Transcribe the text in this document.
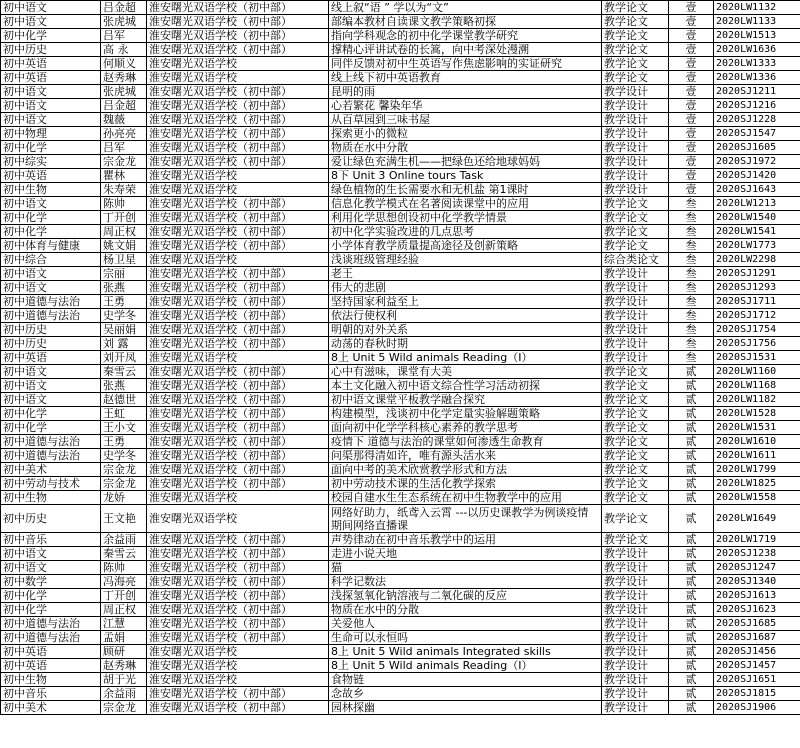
初中语文	吕金超	淮安曙光双语学校（初中部）	线上叙“语 ” 学以为“文”	教学论文	壹	2020LW1132
初中语文	张虎城	淮安曙光双语学校（初中部）	部编本教材自读课文教学策略初探	教学论文	壹	2020LW1133
初中化学	吕军	淮安曙光双语学校（初中部）	指向学科观念的初中化学课堂教学研究	教学论文	壹	2020LW1513
初中历史	高 永	淮安曙光双语学校（初中部）	撑精心评讲试卷的长篙，向中考深处漫溯	教学论文	壹	2020LW1636
初中英语	何顺义	淮安曙光双语学校	同伴反馈对初中生英语写作焦虑影响的实证研究	教学论文	壹	2020LW1333
初中英语	赵秀琳	淮安曙光双语学校	线上线下初中英语教育	教学论文	壹	2020LW1336
初中语文	张虎城	淮安曙光双语学校（初中部）	昆明的雨	教学设计	壹	2020SJ1211
初中语文	吕金超	淮安曙光双语学校（初中部）	心若繁花 馨染年华	教学设计	壹	2020SJ1216
初中语文	魏薇	淮安曙光双语学校（初中部）	从百草园到三味书屋	教学设计	壹	2020SJ1228
初中物理	孙亮亮	淮安曙光双语学校（初中部）	探索更小的微粒	教学设计	壹	2020SJ1547
初中化学	吕军	淮安曙光双语学校（初中部）	物质在水中分散	教学设计	壹	2020SJ1605
初中综实	宗金龙	淮安曙光双语学校（初中部）	爱让绿色充满生机——把绿色还给地球妈妈	教学设计	壹	2020SJ1972
初中英语	瞿林	淮安曙光双语学校	8下 Unit 3 Online tours Task	教学设计	壹	2020SJ1420
初中生物	朱寿荣	淮安曙光双语学校	绿色植物的生长需要水和无机盐 第1课时	教学设计	壹	2020SJ1643
初中语文	陈帅	淮安曙光双语学校（初中部）	信息化教学模式在名著阅读课堂中的应用	教学论文	叁	2020LW1213
初中化学	丁开创	淮安曙光双语学校（初中部）	利用化学思想创设初中化学教学情景	教学论文	叁	2020LW1540
初中化学	周正权	淮安曙光双语学校（初中部）	初中化学实验改进的几点思考	教学论文	叁	2020LW1541
初中体育与健康	姚文娟	淮安曙光双语学校（初中部）	小学体育教学质量提高途径及创新策略	教学论文	叁	2020LW1773
初中综合	杨卫星	淮安曙光双语学校	浅谈班级管理经验	综合类论文	叁	2020LW2298
初中语文	宗丽	淮安曙光双语学校（初中部）	老王	教学设计	叁	2020SJ1291
初中语文	张燕	淮安曙光双语学校（初中部）	伟大的悲剧	教学设计	叁	2020SJ1293
初中道德与法治	王勇	淮安曙光双语学校（初中部）	坚持国家利益至上	教学设计	叁	2020SJ1711
初中道德与法治	史学冬	淮安曙光双语学校（初中部）	依法行使权利	教学设计	叁	2020SJ1712
初中历史	吴丽娟	淮安曙光双语学校（初中部）	明朝的对外关系	教学设计	叁	2020SJ1754
初中历史	刘 露	淮安曙光双语学校（初中部）	动荡的春秋时期	教学设计	叁	2020SJ1756
初中英语	刘开凤	淮安曙光双语学校	8上 Unit 5 Wild animals Reading（Ⅰ）	教学设计	叁	2020SJ1531
初中语文	秦雪云	淮安曙光双语学校（初中部）	心中有滋味，课堂有大美	教学论文	贰	2020LW1160
初中语文	张燕	淮安曙光双语学校（初中部）	本土文化融入初中语文综合性学习活动初探	教学论文	贰	2020LW1168
初中语文	赵德世	淮安曙光双语学校（初中部）	初中语文课堂平板教学融合探究	教学论文	贰	2020LW1182
初中化学	王虹	淮安曙光双语学校（初中部）	构建模型，浅谈初中化学定量实验解题策略	教学论文	贰	2020LW1528
初中化学	王小文	淮安曙光双语学校（初中部）	面向初中化学学科核心素养的教学思考	教学论文	贰	2020LW1531
初中道德与法治	王勇	淮安曙光双语学校（初中部）	疫情下 道德与法治的课堂如何渗透生命教育	教学论文	贰	2020LW1610
初中道德与法治	史学冬	淮安曙光双语学校（初中部）	问渠那得清如许，唯有源头活水来	教学论文	贰	2020LW1611
初中美术	宗金龙	淮安曙光双语学校（初中部）	面向中考的美术欣赏教学形式和方法	教学论文	贰	2020LW1799
初中劳动与技术	宗金龙	淮安曙光双语学校（初中部）	初中劳动技术课的生活化教学探索	教学论文	贰	2020LW1825
初中生物	龙娇	淮安曙光双语学校	校园自建水生生态系统在初中生物教学中的应用	教学论文	贰	2020LW1558
初中历史	王文艳	淮安曙光双语学校	网络好助力，纸鸢入云霄 ---以历史课教学为例谈疫情期间网络直播课	教学论文	贰	2020LW1649
初中音乐	余益雨	淮安曙光双语学校（初中部）	声势律动在初中音乐教学中的运用	教学论文	贰	2020LW1719
初中语文	秦雪云	淮安曙光双语学校（初中部）	走进小说天地	教学设计	贰	2020SJ1238
初中语文	陈帅	淮安曙光双语学校（初中部）	猫	教学设计	贰	2020SJ1247
初中数学	冯海亮	淮安曙光双语学校（初中部）	科学记数法	教学设计	贰	2020SJ1340
初中化学	丁开创	淮安曙光双语学校（初中部）	浅探氢氧化钠溶液与二氧化碳的反应	教学设计	贰	2020SJ1613
初中化学	周正权	淮安曙光双语学校（初中部）	物质在水中的分散	教学设计	贰	2020SJ1623
初中道德与法治	江慧	淮安曙光双语学校（初中部）	关爱他人	教学设计	贰	2020SJ1685
初中道德与法治	孟娟	淮安曙光双语学校（初中部）	生命可以永恒吗	教学设计	贰	2020SJ1687
初中英语	顾研	淮安曙光双语学校	8上 Unit 5 Wild animals Integrated skills	教学设计	贰	2020SJ1456
初中英语	赵秀琳	淮安曙光双语学校	8上 Unit 5 Wild animals Reading（Ⅰ）	教学设计	贰	2020SJ1457
初中生物	胡于光	淮安曙光双语学校	食物链	教学设计	贰	2020SJ1651
初中音乐	余益雨	淮安曙光双语学校（初中部）	念故乡	教学设计	贰	2020SJ1815
初中美术	宗金龙	淮安曙光双语学校（初中部）	园林探幽	教学设计	贰	2020SJ1906
